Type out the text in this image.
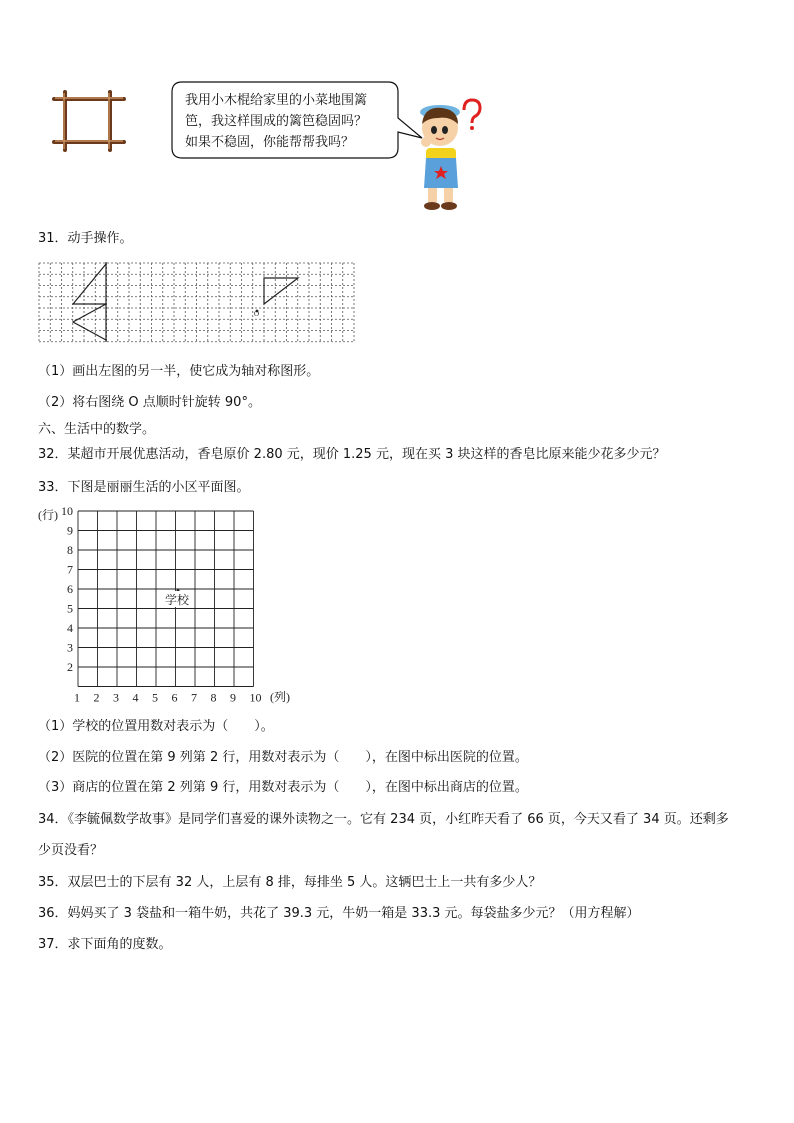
我用小木棍给家里的小菜地围篱
笆，我这样围成的篱笆稳固吗？
如果不稳固，你能帮帮我吗？
31．动手操作。
O
（1）画出左图的另一半，使它成为轴对称图形。
（2）将右图绕 O 点顺时针旋转 90°。
六、生活中的数学。
32．某超市开展优惠活动，香皂原价 2.80 元，现价 1.25 元，现在买 3 块这样的香皂比原来能少花多少元？
33．下图是丽丽生活的小区平面图。
10
9
8
7
6
5
4
3
2
1 2 3 4 5 6 7 8 9 10
(行)
(列)
学校
（1）学校的位置用数对表示为（　　）。
（2）医院的位置在第 9 列第 2 行，用数对表示为（　　），在图中标出医院的位置。
（3）商店的位置在第 2 列第 9 行，用数对表示为（　　），在图中标出商店的位置。
34．《李毓佩数学故事》是同学们喜爱的课外读物之一。它有 234 页，小红昨天看了 66 页，今天又看了 34 页。还剩多
少页没看？
35．双层巴士的下层有 32 人，上层有 8 排，每排坐 5 人。这辆巴士上一共有多少人？
36．妈妈买了 3 袋盐和一箱牛奶，共花了 39.3 元，牛奶一箱是 33.3 元。每袋盐多少元？（用方程解）
37．求下面角的度数。
